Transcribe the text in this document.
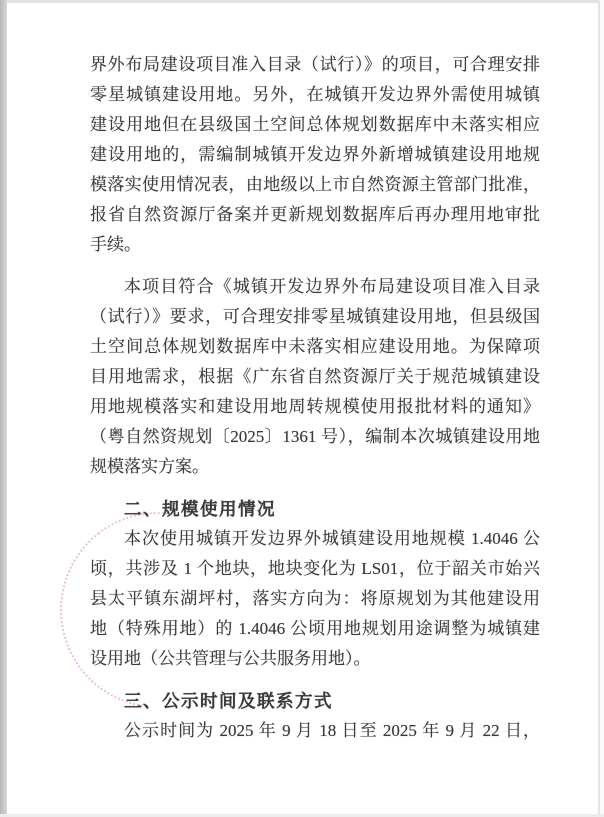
界外布局建设项目准入目录（试行）》的项目，可合理安排
零星城镇建设用地。另外，在城镇开发边界外需使用城镇
建设用地但在县级国土空间总体规划数据库中未落实相应
建设用地的，需编制城镇开发边界外新增城镇建设用地规
模落实使用情况表，由地级以上市自然资源主管部门批准，
报省自然资源厅备案并更新规划数据库后再办理用地审批
手续。
本项目符合《城镇开发边界外布局建设项目准入目录
（试行）》要求，可合理安排零星城镇建设用地，但县级国
土空间总体规划数据库中未落实相应建设用地。为保障项
目用地需求，根据《广东省自然资源厅关于规范城镇建设
用地规模落实和建设用地周转规模使用报批材料的通知》
（粤自然资规划〔2025〕1361 号），编制本次城镇建设用地
规模落实方案。
二、规模使用情况
本次使用城镇开发边界外城镇建设用地规模 1.4046 公
顷，共涉及 1 个地块，地块变化为 LS01，位于韶关市始兴
县太平镇东湖坪村，落实方向为：将原规划为其他建设用
地（特殊用地）的 1.4046 公顷用地规划用途调整为城镇建
设用地（公共管理与公共服务用地）。
三、公示时间及联系方式
公示时间为 2025 年 9 月 18 日至 2025 年 9 月 22 日，
